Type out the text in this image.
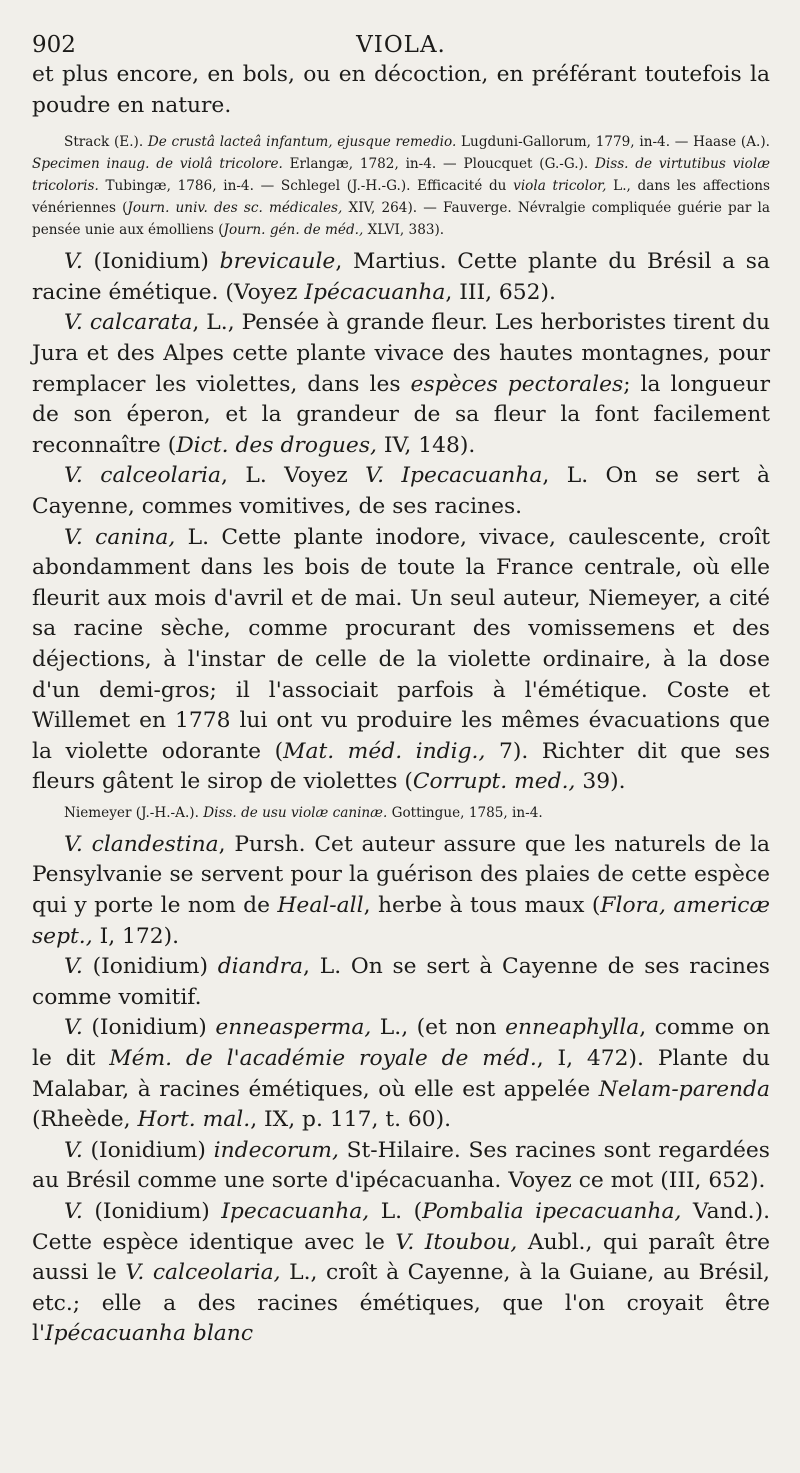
902	VIOLA.

et plus encore, en bols, ou en décoction, en préférant toutefois la poudre en nature.

Strack (E.). De crustâ lacteâ infantum, ejusque remedio. Lugduni-Gallorum, 1779, in-4. — Haase (A.). Specimen inaug. de violâ tricolore. Erlangæ, 1782, in-4. — Ploucquet (G.-G.). Diss. de virtutibus violæ tricoloris. Tubingæ, 1786, in-4. — Schlegel (J.-H.-G.). Efficacité du viola tricolor, L., dans les affections vénériennes (Journ. univ. des sc. médicales, XIV, 264). — Fauverge. Névralgie compliquée guérie par la pensée unie aux émolliens (Journ. gén. de méd., XLVI, 383).

V. (Ionidium) brevicaule, Martius. Cette plante du Brésil a sa racine émétique. (Voyez Ipécacuanha, III, 652).

V. calcarata, L., Pensée à grande fleur. Les herboristes tirent du Jura et des Alpes cette plante vivace des hautes montagnes, pour remplacer les violettes, dans les espèces pectorales; la longueur de son éperon, et la grandeur de sa fleur la font facilement reconnaître (Dict. des drogues, IV, 148).

V. calceolaria, L. Voyez V. Ipecacuanha, L. On se sert à Cayenne, commes vomitives, de ses racines.

V. canina, L. Cette plante inodore, vivace, caulescente, croît abondamment dans les bois de toute la France centrale, où elle fleurit aux mois d'avril et de mai. Un seul auteur, Niemeyer, a cité sa racine sèche, comme procurant des vomissemens et des déjections, à l'instar de celle de la violette ordinaire, à la dose d'un demi-gros; il l'associait parfois à l'émétique. Coste et Willemet en 1778 lui ont vu produire les mêmes évacuations que la violette odorante (Mat. méd. indig., 7). Richter dit que ses fleurs gâtent le sirop de violettes (Corrupt. med., 39).

Niemeyer (J.-H.-A.). Diss. de usu violæ caninæ. Gottingue, 1785, in-4.

V. clandestina, Pursh. Cet auteur assure que les naturels de la Pensylvanie se servent pour la guérison des plaies de cette espèce qui y porte le nom de Heal-all, herbe à tous maux (Flora, americæ sept., I, 172).

V. (Ionidium) diandra, L. On se sert à Cayenne de ses racines comme vomitif.

V. (Ionidium) enneasperma, L., (et non enneaphylla, comme on le dit Mém. de l'académie royale de méd., I, 472). Plante du Malabar, à racines émétiques, où elle est appelée Nelam-parenda (Rheède, Hort. mal., IX, p. 117, t. 60).

V. (Ionidium) indecorum, St-Hilaire. Ses racines sont regardées au Brésil comme une sorte d'ipécacuanha. Voyez ce mot (III, 652).

V. (Ionidium) Ipecacuanha, L. (Pombalia ipecacuanha, Vand.). Cette espèce identique avec le V. Itoubou, Aubl., qui paraît être aussi le V. calceolaria, L., croît à Cayenne, à la Guiane, au Brésil, etc.; elle a des racines émétiques, que l'on croyait être l'Ipécacuanha blanc
